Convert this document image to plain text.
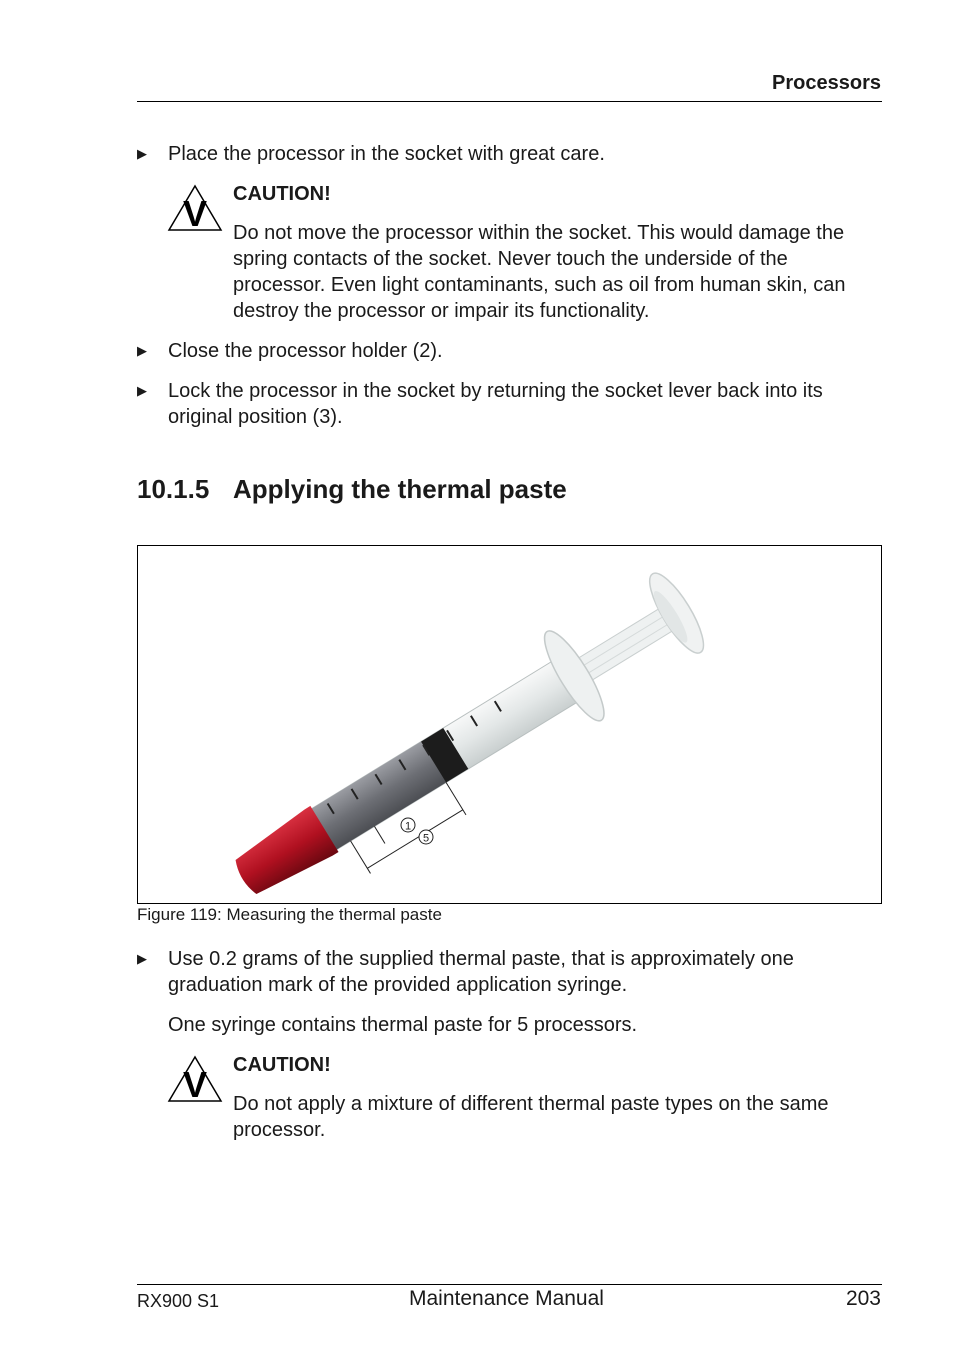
Processors
▶ Place the processor in the socket with great care.
V CAUTION!
Do not move the processor within the socket. This would damage the
spring contacts of the socket. Never touch the underside of the
processor. Even light contaminants, such as oil from human skin, can
destroy the processor or impair its functionality.
▶ Close the processor holder (2).
▶ Lock the processor in the socket by returning the socket lever back into its
original position (3).
10.1.5 Applying the thermal paste
1
5
Figure 119: Measuring the thermal paste
▶ Use 0.2 grams of the supplied thermal paste, that is approximately one
graduation mark of the provided application syringe.
One syringe contains thermal paste for 5 processors.
V CAUTION!
Do not apply a mixture of different thermal paste types on the same
processor.
RX900 S1	Maintenance Manual	203
